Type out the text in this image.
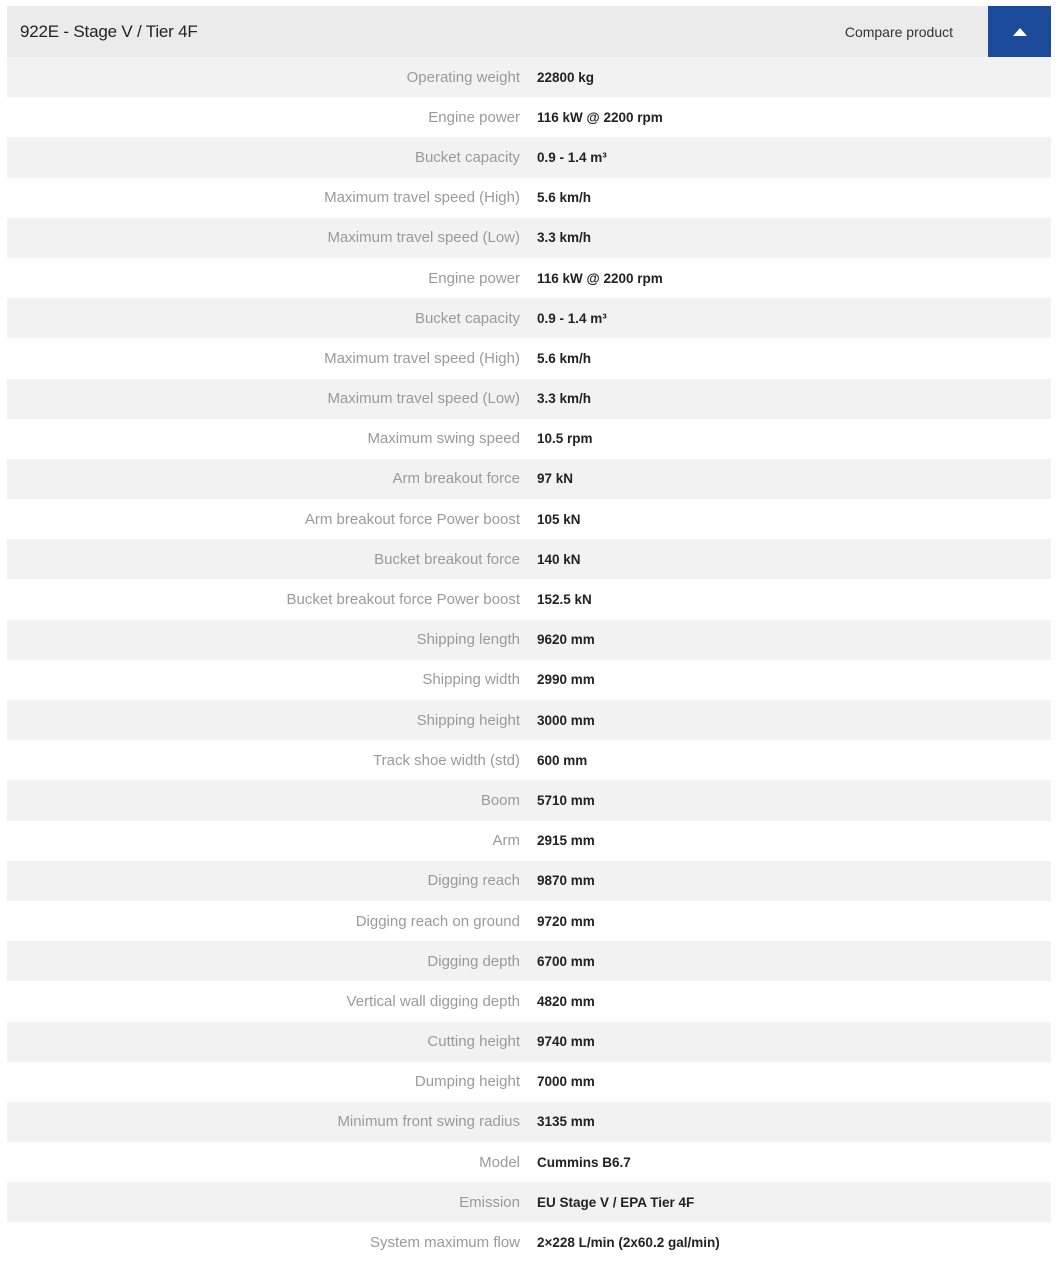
922E - Stage V / Tier 4F	Compare product
Operating weight 22800 kg
Engine power 116 kW @ 2200 rpm
Bucket capacity 0.9 - 1.4 m³
Maximum travel speed (High) 5.6 km/h
Maximum travel speed (Low) 3.3 km/h
Engine power 116 kW @ 2200 rpm
Bucket capacity 0.9 - 1.4 m³
Maximum travel speed (High) 5.6 km/h
Maximum travel speed (Low) 3.3 km/h
Maximum swing speed 10.5 rpm
Arm breakout force 97 kN
Arm breakout force Power boost 105 kN
Bucket breakout force 140 kN
Bucket breakout force Power boost 152.5 kN
Shipping length 9620 mm
Shipping width 2990 mm
Shipping height 3000 mm
Track shoe width (std) 600 mm
Boom 5710 mm
Arm 2915 mm
Digging reach 9870 mm
Digging reach on ground 9720 mm
Digging depth 6700 mm
Vertical wall digging depth 4820 mm
Cutting height 9740 mm
Dumping height 7000 mm
Minimum front swing radius 3135 mm
Model Cummins B6.7
Emission EU Stage V / EPA Tier 4F
System maximum flow 2×228 L/min (2x60.2 gal/min)
